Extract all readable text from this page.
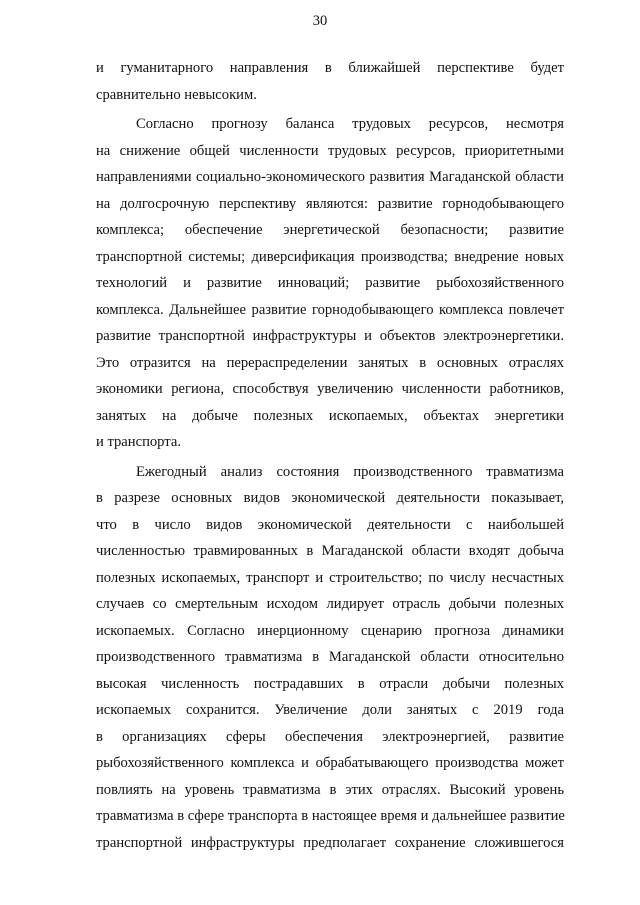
30
и гуманитарного направления в ближайшей перспективе будет
сравнительно невысоким.
Согласно прогнозу баланса трудовых ресурсов, несмотря
на снижение общей численности трудовых ресурсов, приоритетными
направлениями социально-экономического развития Магаданской области
на долгосрочную перспективу являются: развитие горнодобывающего
комплекса; обеспечение энергетической безопасности; развитие
транспортной системы; диверсификация производства; внедрение новых
технологий и развитие инноваций; развитие рыбохозяйственного
комплекса. Дальнейшее развитие горнодобывающего комплекса повлечет
развитие транспортной инфраструктуры и объектов электроэнергетики.
Это отразится на перераспределении занятых в основных отраслях
экономики региона, способствуя увеличению численности работников,
занятых на добыче полезных ископаемых, объектах энергетики
и транспорта.
Ежегодный анализ состояния производственного травматизма
в разрезе основных видов экономической деятельности показывает,
что в число видов экономической деятельности с наибольшей
численностью травмированных в Магаданской области входят добыча
полезных ископаемых, транспорт и строительство; по числу несчастных
случаев со смертельным исходом лидирует отрасль добычи полезных
ископаемых. Согласно инерционному сценарию прогноза динамики
производственного травматизма в Магаданской области относительно
высокая численность пострадавших в отрасли добычи полезных
ископаемых сохранится. Увеличение доли занятых с 2019 года
в организациях сферы обеспечения электроэнергией, развитие
рыбохозяйственного комплекса и обрабатывающего производства может
повлиять на уровень травматизма в этих отраслях. Высокий уровень
травматизма в сфере транспорта в настоящее время и дальнейшее развитие
транспортной инфраструктуры предполагает сохранение сложившегося
